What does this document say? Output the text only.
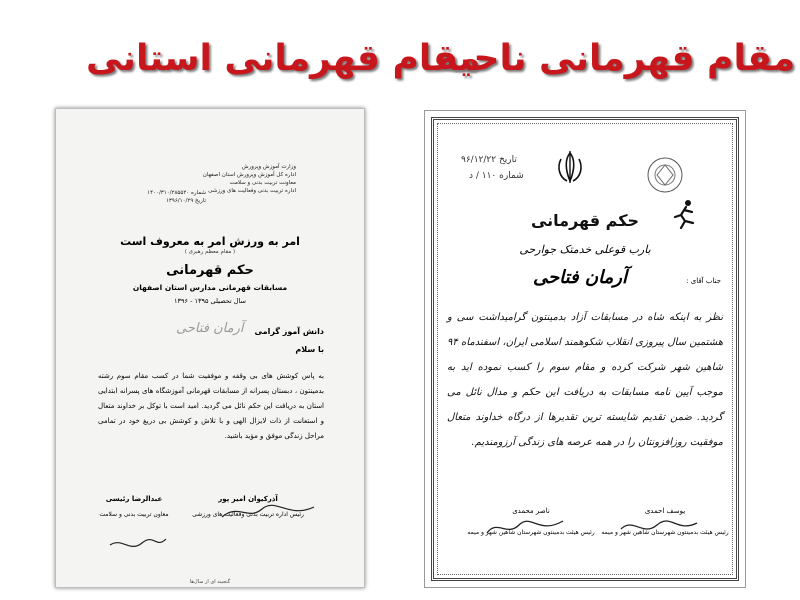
مقام قهرمانی استانی
مقام قهرمانی ناحیه
وزارت آموزش وپرورش
اداره کل آموزش وپرورش استان اصفهان
معاونت تربیت بدنی و سلامت
اداره تربیت بدنی وفعالیت های ورزشی
شماره ۱۴۰۰/۳۱۰/۲۸۵۵۲۰
تاریخ ۱۳۹۶/۱۰/۲۹
امر به ورزش امر به معروف است
( مقام معظم رهبری )
حکم قهرمانی
مسابقات قهرمانی مدارس استان اصفهان
سال تحصیلی ۱۳۹۵ - ۱۳۹۶
آرمان فتاحی دانش آموز گرامی
با سلام
به پاس کوشش های بی وقفه و موفقیت شما در کسب مقام سوم رشته بدمینتون ، دبستان پسرانه از مسابقات قهرمانی آموزشگاه های پسرانه ابتدایی استان به دریافت این حکم نائل می گردید. امید است با توکل بر خداوند متعال و استعانت از ذات لایزال الهی و با تلاش و کوشش بی دریغ خود در تمامی مراحل زندگی موفق و مؤید باشید.
آذرکیوان امیر پور
رئیس اداره تربیت بدنی وفعالیت های ورزشی
عبدالرضا رئیسی
معاون تربیت بدنی و سلامت
گنجینه ای از سال‌ها
تاریخ ۹۶/۱۲/۲۲
شماره ۱۱۰ / د
حکم قهرمانی
بارب قوعلی خدمتک جوارحی
جناب آقای :
آرمان فتاحی
نظر به اینکه شاه در مسابقات آزاد بدمینتون گرامیداشت سی و هشتمین سال پیروزی انقلاب شکوهمند اسلامی ایران، اسفندماه ۹۴ شاهین شهر شرکت کرده و مقام سوم را کسب نموده اید به موجب آیین نامه مسابقات به دریافت این حکم و مدال نائل می گردید. ضمن تقدیم شایسته ترین تقدیرها از درگاه خداوند متعال موفقیت روزافزونتان را در همه عرصه های زندگی آرزومندیم.
ناصر محمدی
رئیس هیئت بدمینتون شهرستان شاهین شهر و میمه
یوسف احمدی
رئیس هیئت بدمینتون شهرستان شاهین شهر و میمه
